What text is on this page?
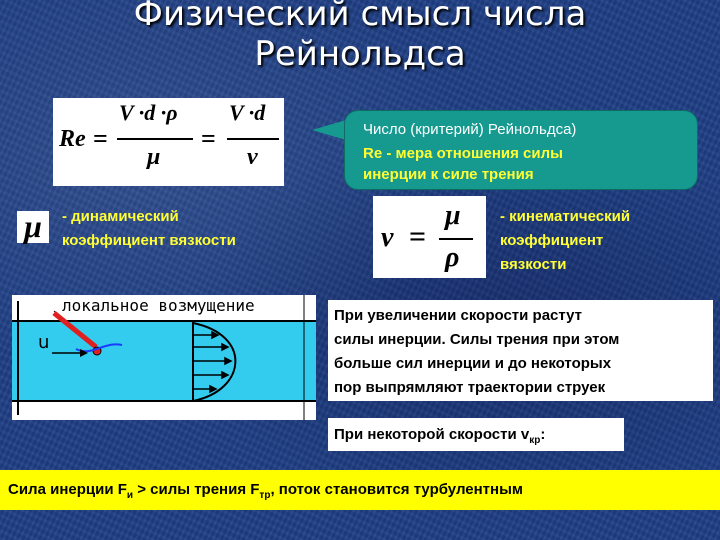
Физический смысл числа
Рейнольдса
Re =
V ·d ·ρ
μ
=
V ·d
ν
Число (критерий) Рейнольдса)
Re - мера отношения силы
инерции к силе трения
μ	- динамический
коэффициент вязкости	ν =
μ
ρ
- кинематический
коэффициент
вязкости
локальное возмущение
u
При увеличении скорости растут
силы инерции. Силы трения при этом
больше сил инерции и до некоторых
пор выпрямляют траектории струек
При некоторой скорости $v_{кр}$:
Сила инерции $F_и$ > силы трения $F_{тр}$, поток становится турбулентным
